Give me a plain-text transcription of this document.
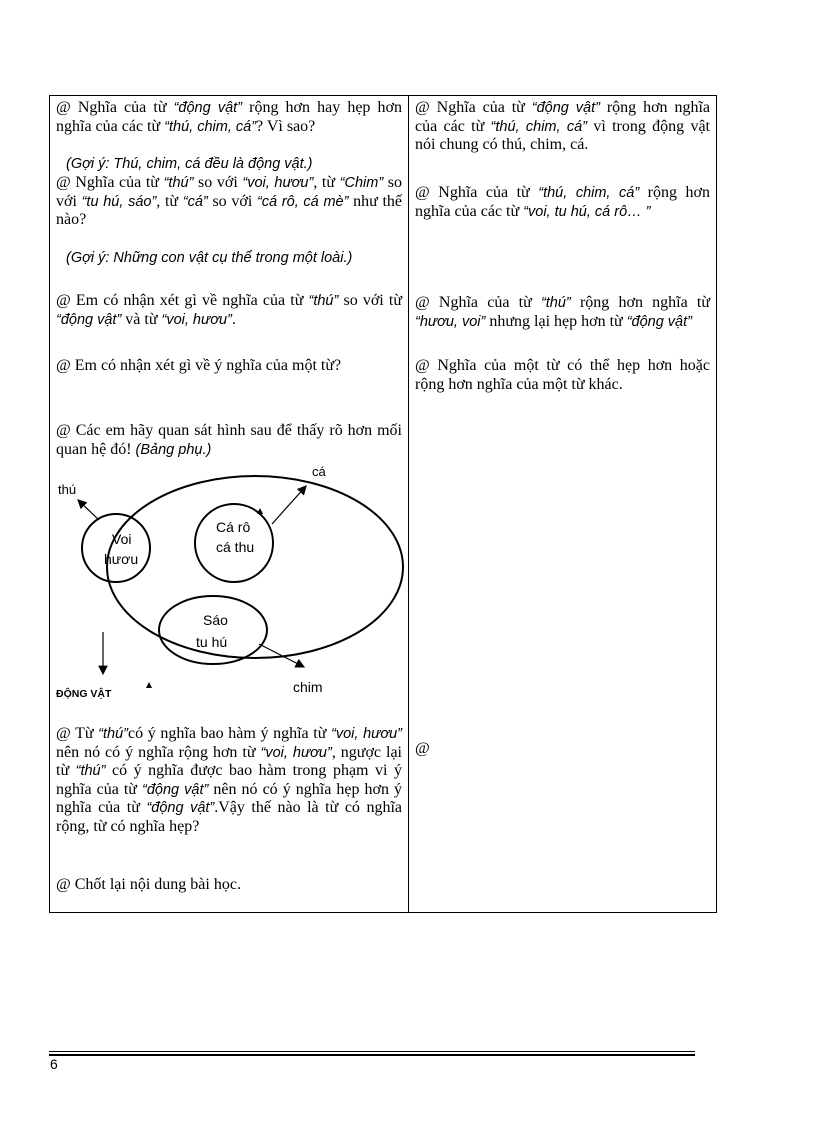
@ Nghĩa của từ “động vật” rộng hơn hay hẹp hơn nghĩa của các từ “thú, chim, cá”? Vì sao?

(Gợi ý: Thú, chim, cá đều là động vật.)

@ Nghĩa của từ “thú” so với “voi, hươu”, từ “Chim” so với “tu hú, sáo”, từ “cá” so với “cá rô, cá mè” như thế nào?

(Gợi ý: Những con vật cụ thể trong một loài.)

@ Em có nhận xét gì về nghĩa của từ “thú” so với từ “động vật” và từ “voi, hươu”.

@ Em có nhận xét gì về ý nghĩa của một từ?

@ Các em hãy quan sát hình sau để thấy rõ hơn mối quan hệ đó! (Bảng phụ.)

thú
cá
chim
ĐỘNG VẬT
Voi
hươu
Cá rô
cá thu
Sáo
tu hú

@ Từ “thú”có ý nghĩa bao hàm ý nghĩa từ “voi, hươu” nên nó có ý nghĩa rộng hơn từ “voi, hươu”, ngược lại từ “thú” có ý nghĩa được bao hàm trong phạm vi ý nghĩa của từ “động vật” nên nó có ý nghĩa hẹp hơn ý nghĩa của từ “động vật”.Vậy thế nào là từ có nghĩa rộng, từ có nghĩa hẹp?

@ Chốt lại nội dung bài học.

@ Nghĩa của từ “động vật” rộng hơn nghĩa của các từ “thú, chim, cá” vì trong động vật nói chung có thú, chim, cá.

@ Nghĩa của từ “thú, chim, cá” rộng hơn nghĩa của các từ “voi, tu hú, cá rô… ”

@ Nghĩa của từ “thú” rộng hơn nghĩa từ “hươu, voi” nhưng lại hẹp hơn từ “động vật”

@ Nghĩa của một từ có thể hẹp hơn hoặc rộng hơn nghĩa của một từ khác.

@

6
